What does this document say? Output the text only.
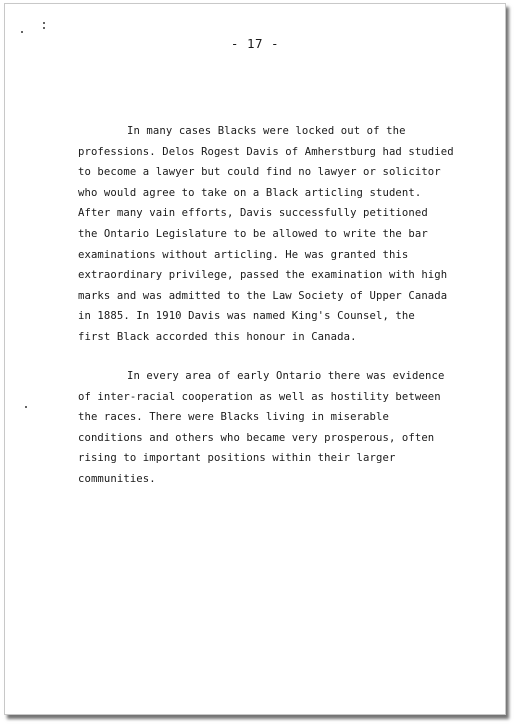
- 17 -
In many cases Blacks were locked out of the
professions. Delos Rogest Davis of Amherstburg had studied
to become a lawyer but could find no lawyer or solicitor
who would agree to take on a Black articling student.
After many vain efforts, Davis successfully petitioned
the Ontario Legislature to be allowed to write the bar
examinations without articling. He was granted this
extraordinary privilege, passed the examination with high
marks and was admitted to the Law Society of Upper Canada
in 1885. In 1910 Davis was named King's Counsel, the
first Black accorded this honour in Canada.
In every area of early Ontario there was evidence
of inter-racial cooperation as well as hostility between
the races. There were Blacks living in miserable
conditions and others who became very prosperous, often
rising to important positions within their larger
communities.
